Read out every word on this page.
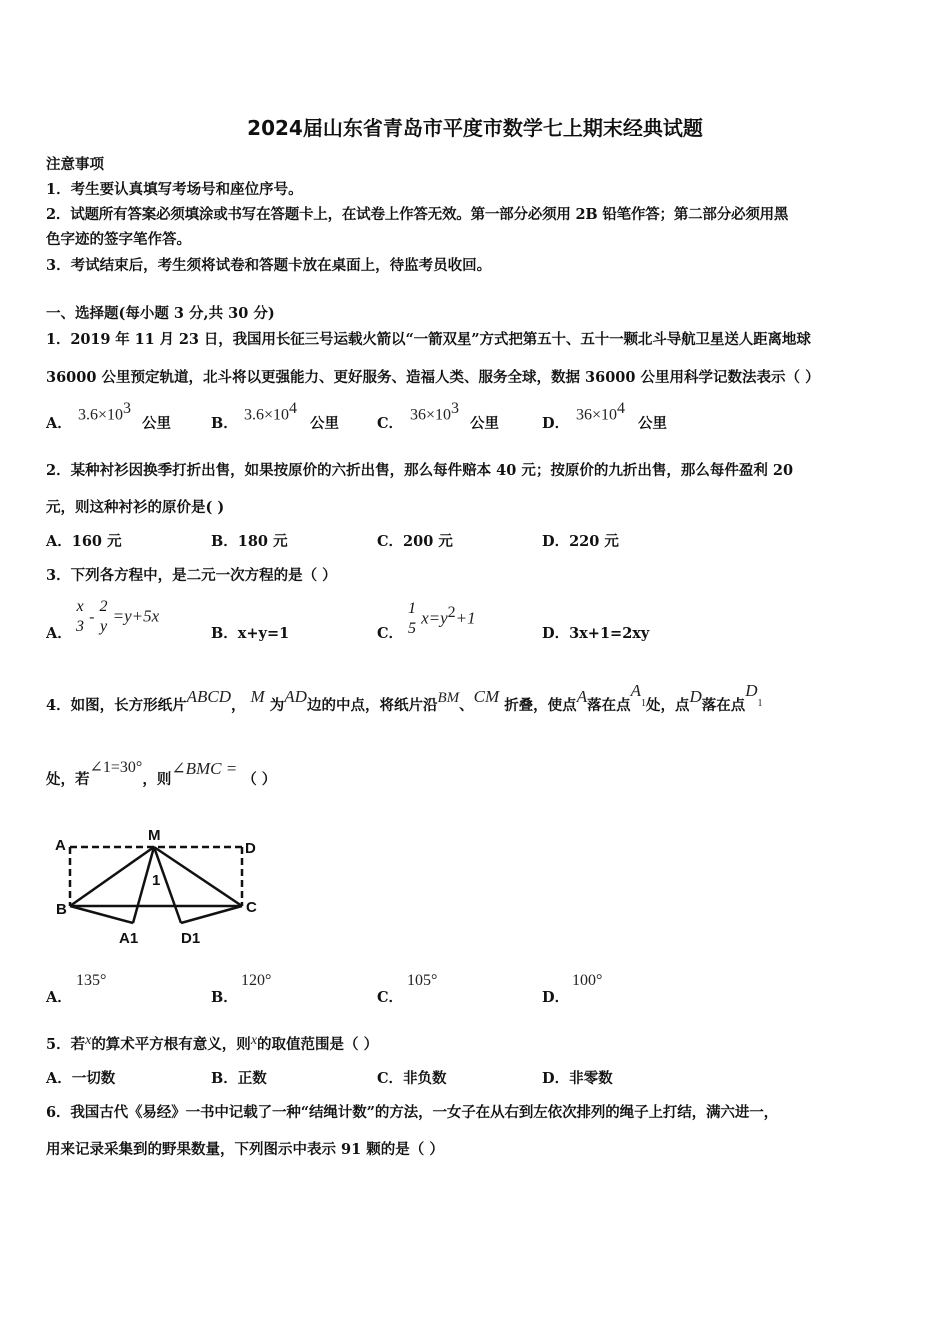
2024届山东省青岛市平度市数学七上期末经典试题
注意事项
1．考生要认真填写考场号和座位序号。
2．试题所有答案必须填涂或书写在答题卡上，在试卷上作答无效。第一部分必须用 2B 铅笔作答；第二部分必须用黑
色字迹的签字笔作答。
3．考试结束后，考生须将试卷和答题卡放在桌面上，待监考员收回。
一、选择题(每小题 3 分,共 30 分)
1．2019 年 11 月 23 日，我国用长征三号运载火箭以“一箭双星”方式把第五十、五十一颗北斗导航卫星送人距离地球
36000 公里预定轨道，北斗将以更强能力、更好服务、造福人类、服务全球，数据 36000 公里用科学记数法表示（ ）
A．
$3.6\times 10^3$
公里	B．
$3.6\times 10^4$
公里	C．
$36\times 10^3$
公里	D．
$36\times 10^4$
公里
2．某种衬衫因换季打折出售，如果按原价的六折出售，那么每件赔本 40 元；按原价的九折出售，那么每件盈利 20
元，则这种衬衫的原价是( )
A．160 元	B．180 元	C．200 元	D．220 元
3．下列各方程中，是二元一次方程的是（ ）
A．
x
3
-
2
y
=y+5x
B．x+y=1	C．
1
5
$x=y^2+1$
D．3x+1=2xy
4．如图，长方形纸片ABCD， M 为AD边的中点，将纸片沿BM、CM 折叠，使点A落在点$A_1$处，点D落在点$D_1$
处，若∠1=30°，则∠BMC = （ ）
A
M
D
B	C
1
A1	D1
A．
135°
B．
120°
C．
105°
D．
100°
5．若x的算术平方根有意义，则x的取值范围是（ ）
A．一切数	B．正数	C．非负数	D．非零数
6．我国古代《易经》一书中记载了一种“结绳计数”的方法，一女子在从右到左依次排列的绳子上打结，满六进一，
用来记录采集到的野果数量，下列图示中表示 91 颗的是（ ）
